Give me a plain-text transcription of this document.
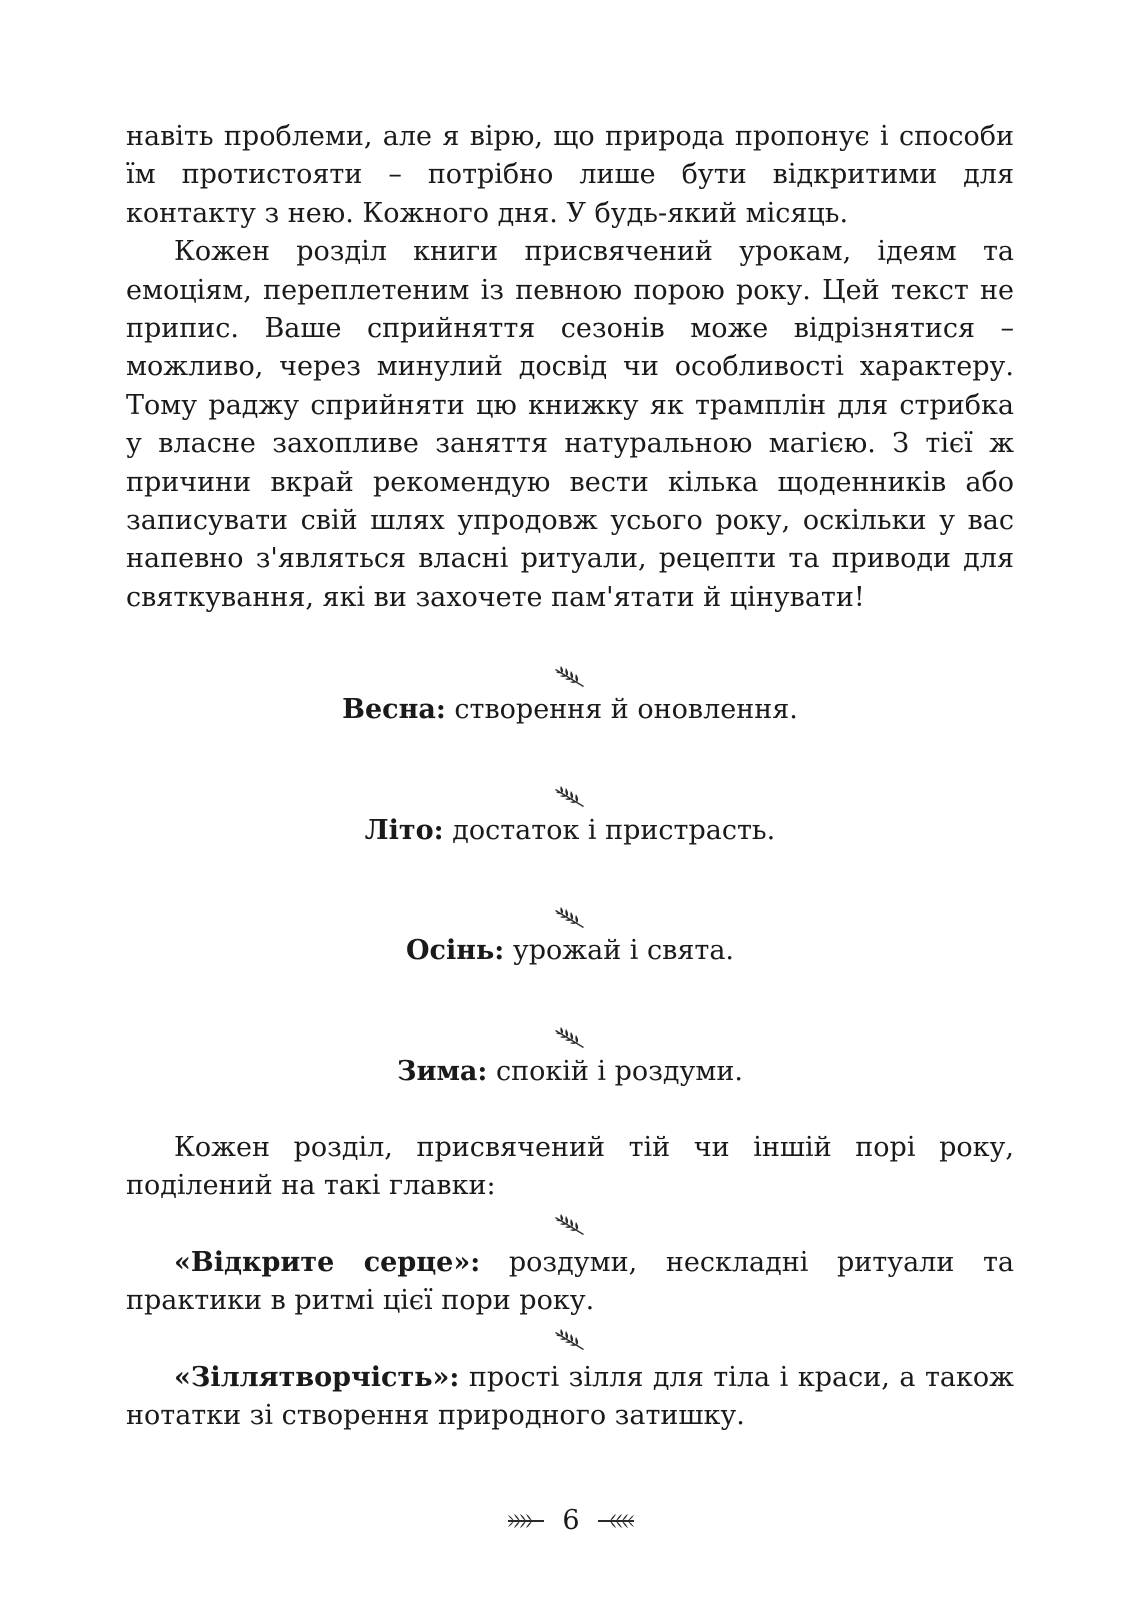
навіть проблеми, але я вірю, що природа пропонує і способи їм протистояти – потрібно лише бути відкритими для контакту з нею. Кожного дня. У будь-який місяць.

Кожен розділ книги присвячений урокам, ідеям та емоціям, переплетеним із певною порою року. Цей текст не припис. Ваше сприйняття сезонів може відрізнятися – можливо, через минулий досвід чи особливості характеру. Тому раджу сприйняти цю книжку як трамплін для стрибка у власне захопливе заняття натуральною магією. З тієї ж причини вкрай рекомендую вести кілька щоденників або записувати свій шлях упродовж усього року, оскільки у вас напевно з'являться власні ритуали, рецепти та приводи для святкування, які ви захочете пам'ятати й цінувати!

Весна: створення й оновлення.

Літо: достаток і пристрасть.

Осінь: урожай і свята.

Зима: спокій і роздуми.

Кожен розділ, присвячений тій чи іншій порі року, поділений на такі главки:

«Відкрите серце»: роздуми, нескладні ритуали та практики в ритмі цієї пори року.

«Зіллятворчість»: прості зілля для тіла і краси, а також нотатки зі створення природного затишку.

6
